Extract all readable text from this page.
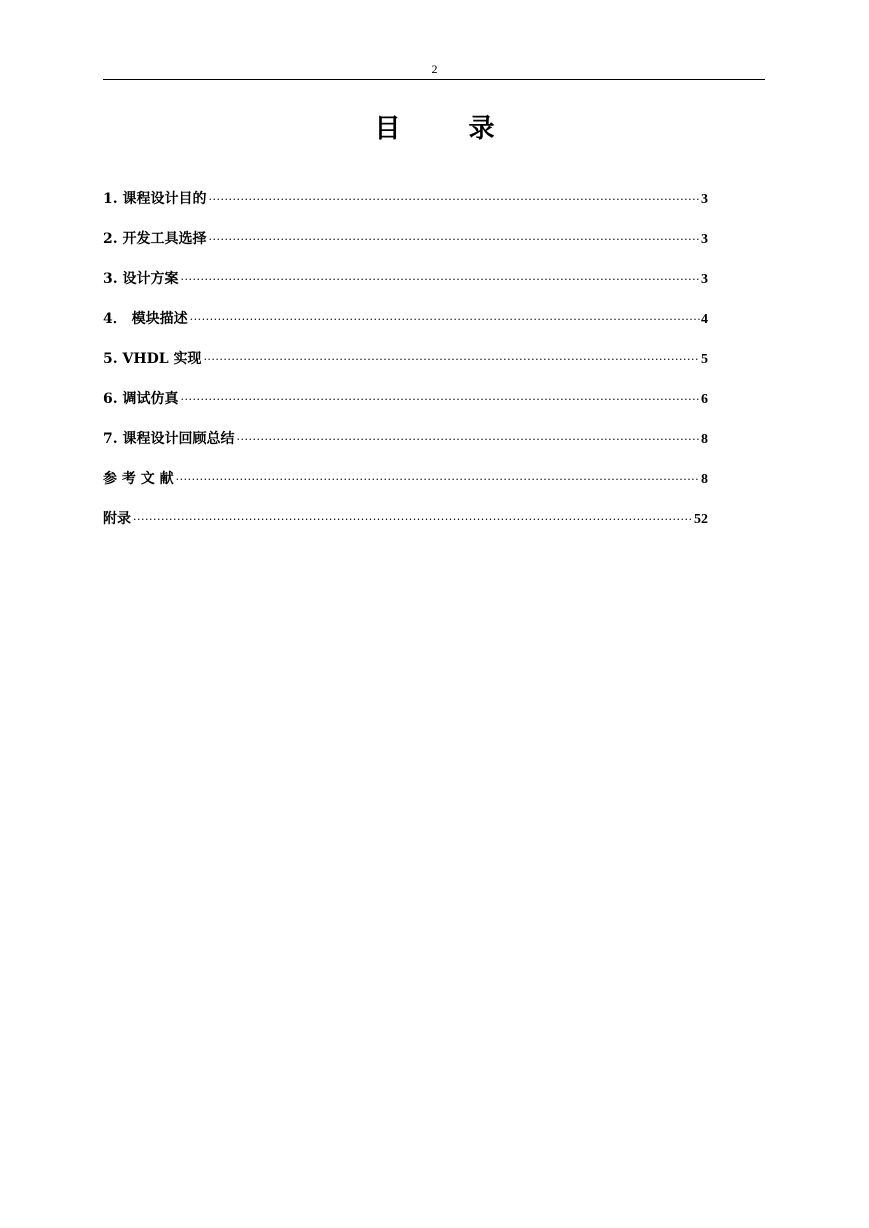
2
目	录
1. 课程设计目的 ·····	3
2. 开发工具选择 ·····	3
3. 设计方案 ·····	3
4． 模块描述 ·····	4
5. VHDL 实现 ·····	5
6. 调试仿真 ·····	6
7. 课程设计回顾总结 ·····	8
参 考 文 献 ·····	8
附录 ·····	52
